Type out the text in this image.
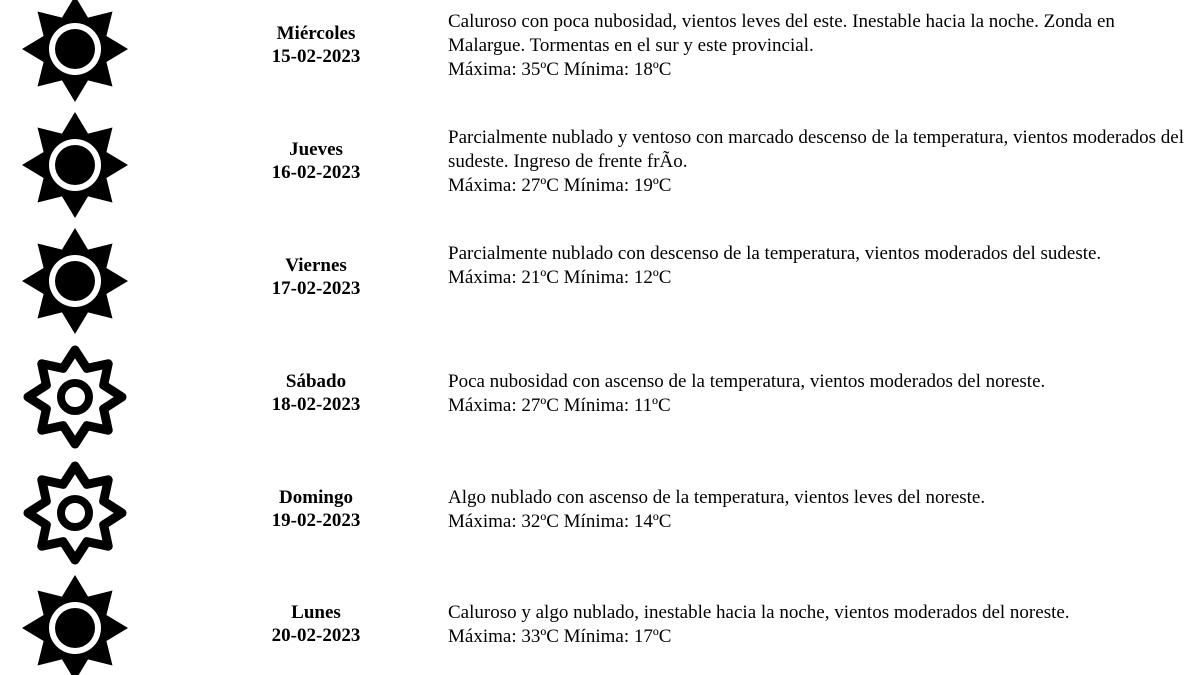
Miércoles
15-02-2023
Caluroso con poca nubosidad, vientos leves del este. Inestable hacia la noche. Zonda en Malargue. Tormentas en el sur y este provincial.
Máxima: 35ºC Mínima: 18ºC
Jueves
16-02-2023
Parcialmente nublado y ventoso con marcado descenso de la temperatura, vientos moderados del sudeste. Ingreso de frente frÃo.
Máxima: 27ºC Mínima: 19ºC
Viernes
17-02-2023
Parcialmente nublado con descenso de la temperatura, vientos moderados del sudeste.
Máxima: 21ºC Mínima: 12ºC
Sábado
18-02-2023
Poca nubosidad con ascenso de la temperatura, vientos moderados del noreste.
Máxima: 27ºC Mínima: 11ºC
Domingo
19-02-2023
Algo nublado con ascenso de la temperatura, vientos leves del noreste.
Máxima: 32ºC Mínima: 14ºC
Lunes
20-02-2023
Caluroso y algo nublado, inestable hacia la noche, vientos moderados del noreste.
Máxima: 33ºC Mínima: 17ºC
